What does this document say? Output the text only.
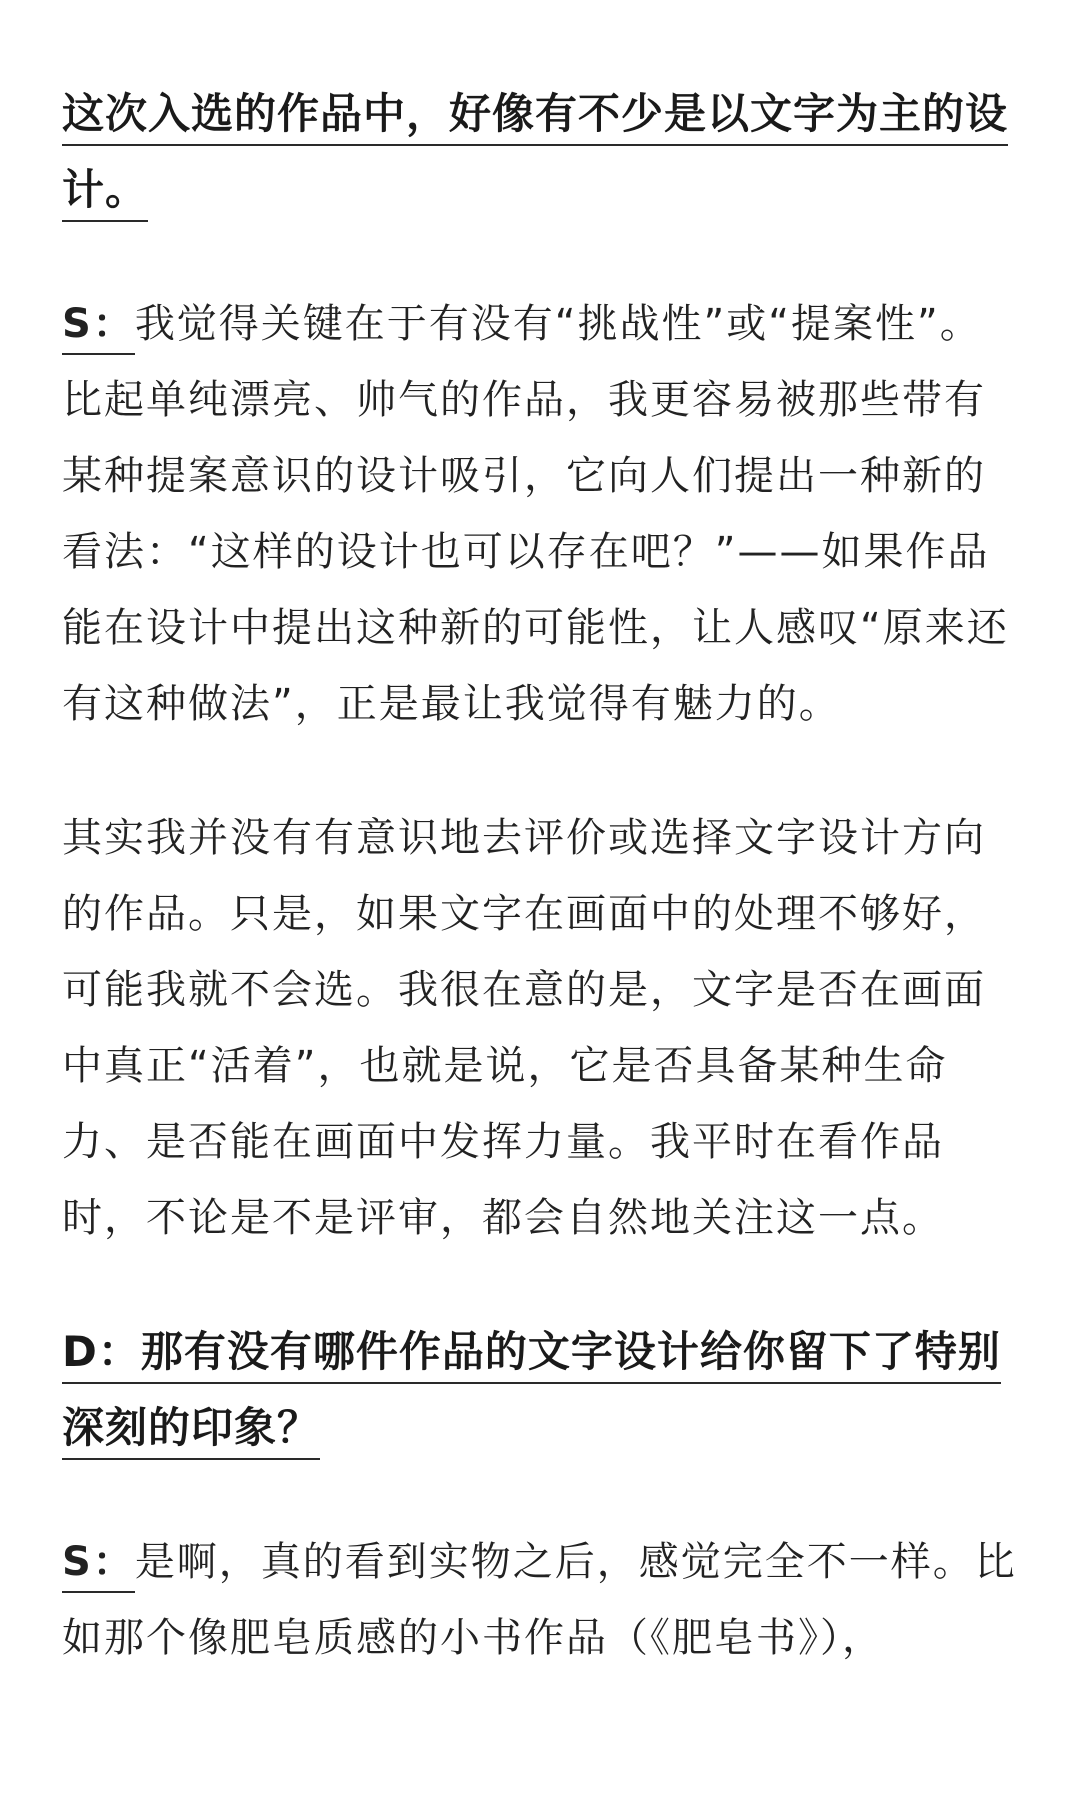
这次入选的作品中，好像有不少是以文字为主的设计。

S：我觉得关键在于有没有“挑战性”或“提案性”。比起单纯漂亮、帅气的作品，我更容易被那些带有某种提案意识的设计吸引，它向人们提出一种新的看法：“这样的设计也可以存在吧？”——如果作品能在设计中提出这种新的可能性，让人感叹“原来还有这种做法”，正是最让我觉得有魅力的。

其实我并没有有意识地去评价或选择文字设计方向的作品。只是，如果文字在画面中的处理不够好，可能我就不会选。我很在意的是，文字是否在画面中真正“活着”，也就是说，它是否具备某种生命力、是否能在画面中发挥力量。我平时在看作品时，不论是不是评审，都会自然地关注这一点。

D：那有没有哪件作品的文字设计给你留下了特别深刻的印象？

S：是啊，真的看到实物之后，感觉完全不一样。比如那个像肥皂质感的小书作品（《肥皂书》），
